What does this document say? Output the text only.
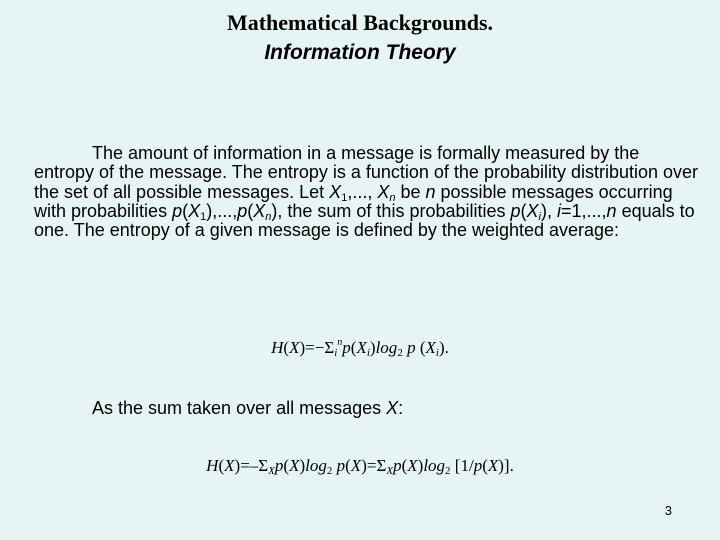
Mathematical Backgrounds.
Information Theory
The amount of information in a message is formally measured by the entropy of the message. The entropy is a function of the probability distribution over the set of all possible messages. Let $X_1$,..., $X_n$ be n possible messages occurring with probabilities $p(X_1),...,p(X_n)$, the sum of this probabilities $p(X_i)$, i=1,...,n equals to one. The entropy of a given message is defined by the weighted average:
$H(X)=-\Sigma_i^np(X_i)\log_2$ p $(X_i)$.
As the sum taken over all messages X:
$H(X)=-\Sigma_Xp(X)\log_2$ $p(X)=\Sigma_Xp(X)\log_2$ [1/p(X)].
3
